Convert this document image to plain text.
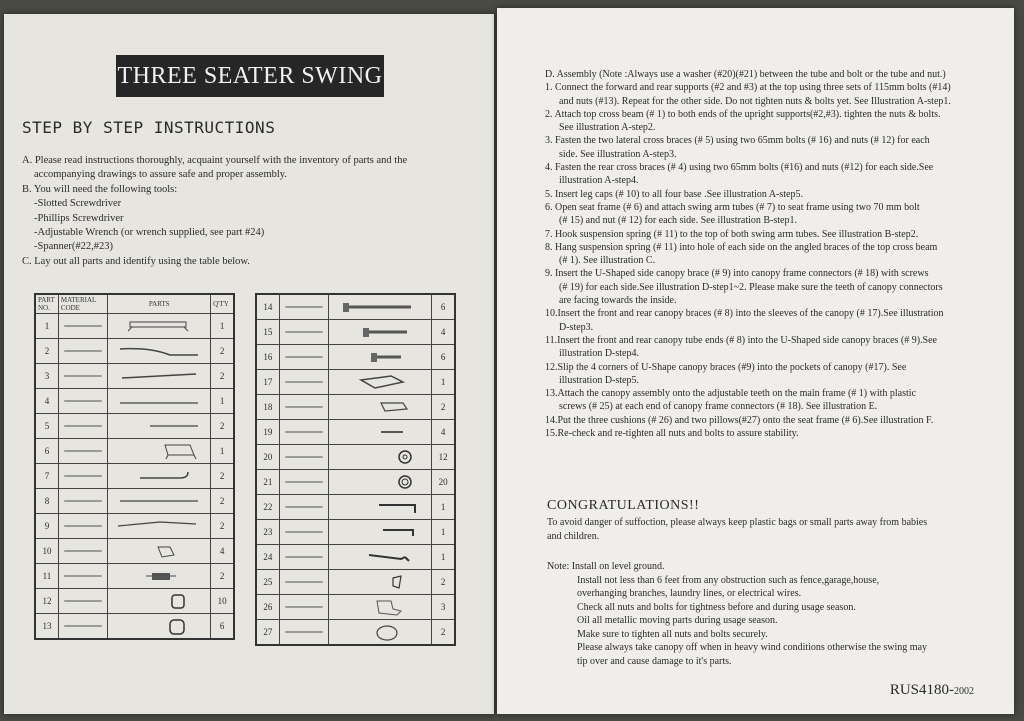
THREE SEATER SWING
STEP BY STEP INSTRUCTIONS
A. Please read instructions thoroughly, acquaint yourself with the inventory of parts and the
accompanying drawings to assure safe and proper assembly.
B. You will need the following tools:
-Slotted Screwdriver
-Phillips Screwdriver
-Adjustable Wrench (or wrench supplied, see part #24)
-Spanner(#22,#23)
C. Lay out all parts and identify using the table below.
PART NO.	MATERIAL CODE	PARTS	Q'TY
1			1
2			2
3			2
4			1
5			2
6			1
7			2
8			2
9			2
10			4
11			2
12			10
13			6
14			6
15			4
16			6
17			1
18			2
19			4
20			12
21			20
22			1
23			1
24			1
25			2
26			3
27			2
D. Assembly (Note :Always use a washer (#20)(#21) between the tube and bolt or the tube and nut.)
1. Connect the forward and rear supports (#2 and #3) at the top using three sets of 115mm bolts (#14)
and nuts (#13). Repeat for the other side. Do not tighten nuts & bolts yet. See Illustration A-step1.
2. Attach top cross beam (# 1) to both ends of the upright supports(#2,#3). tighten the nuts & bolts.
See illustration A-step2.
3. Fasten the two lateral cross braces (# 5) using two 65mm bolts (# 16) and nuts (# 12) for each
side. See illustration A-step3.
4. Fasten the rear cross braces (# 4) using two 65mm bolts (#16) and nuts (#12) for each side.See
illustration A-step4.
5. Insert leg caps (# 10) to all four base .See illustration A-step5.
6. Open seat frame (# 6) and attach swing arm tubes (# 7) to seat frame using two 70 mm bolt
(# 15) and nut (# 12) for each side. See illustration B-step1.
7. Hook suspension spring (# 11) to the top of both swing arm tubes. See illustration B-step2.
8. Hang suspension spring (# 11) into hole of each side on the angled braces of the top cross beam
(# 1). See illustration C.
9. Insert the U-Shaped side canopy brace (# 9) into canopy frame connectors (# 18) with screws
(# 19) for each side.See illustration D-step1~2. Please make sure the teeth of canopy connectors
are facing towards the inside.
10.Insert the front and rear canopy braces (# 8) into the sleeves of the canopy (# 17).See illustration
D-step3.
11.Insert the front and rear canopy tube ends (# 8) into the U-Shaped side canopy braces (# 9).See
illustration D-step4.
12.Slip the 4 corners of U-Shape canopy braces (#9) into the pockets of canopy (#17). See
illustration D-step5.
13.Attach the canopy assembly onto the adjustable teeth on the main frame (# 1) with plastic
screws (# 25) at each end of canopy frame connectors (# 18). See illustration E.
14.Put the three cushions (# 26) and two pillows(#27) onto the seat frame (# 6).See illustration F.
15.Re-check and re-tighten all nuts and bolts to assure stability.
CONGRATULATIONS!!
To avoid danger of suffoction, please always keep plastic bags or small parts away from babies
and children.
Note: Install on level ground.
Install not less than 6 feet from any obstruction such as fence,garage,house,
overhanging branches, laundry lines, or electrical wires.
Check all nuts and bolts for tightness before and during usage season.
Oil all metallic moving parts during usage season.
Make sure to tighten all nuts and bolts securely.
Please always take canopy off when in heavy wind conditions otherwise the swing may
tip over and cause damage to it's parts.
RUS4180-2002
